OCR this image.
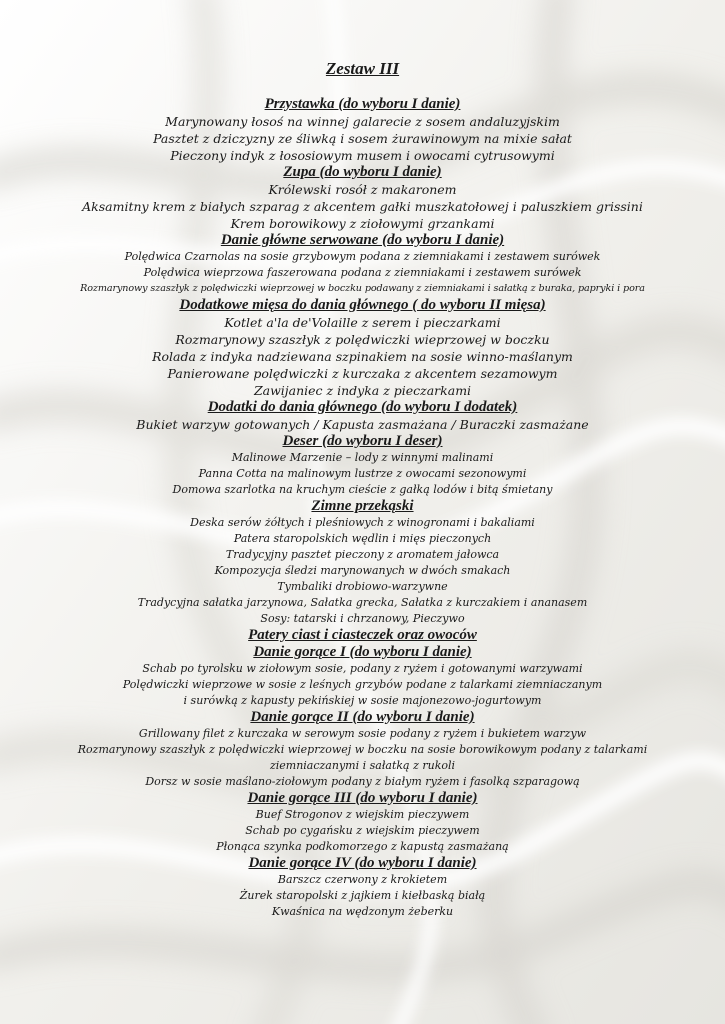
Zestaw III
Przystawka (do wyboru I danie)
Marynowany łosoś na winnej galarecie z sosem andaluzyjskim
Pasztet z dziczyzny ze śliwką i sosem żurawinowym na mixie sałat
Pieczony indyk z łososiowym musem i owocami cytrusowymi
Zupa (do wyboru I danie)
Królewski rosół z makaronem
Aksamitny krem z białych szparag z akcentem gałki muszkatołowej i paluszkiem grissini
Krem borowikowy z ziołowymi grzankami
Danie główne serwowane (do wyboru I danie)
Polędwica Czarnolas na sosie grzybowym podana z ziemniakami i zestawem surówek
Polędwica wieprzowa faszerowana podana z ziemniakami i zestawem surówek
Rozmarynowy szaszłyk z polędwiczki wieprzowej w boczku podawany z ziemniakami i sałatką z buraka, papryki i pora
Dodatkowe mięsa do dania głównego ( do wyboru II mięsa)
Kotlet a'la de'Volaille z serem i pieczarkami
Rozmarynowy szaszłyk z polędwiczki wieprzowej w boczku
Rolada z indyka nadziewana szpinakiem na sosie winno-maślanym
Panierowane polędwiczki z kurczaka z akcentem sezamowym
Zawijaniec z indyka z pieczarkami
Dodatki do dania głównego (do wyboru I dodatek)
Bukiet warzyw gotowanych / Kapusta zasmażana / Buraczki zasmażane
Deser (do wyboru I deser)
Malinowe Marzenie – lody z winnymi malinami
Panna Cotta na malinowym lustrze z owocami sezonowymi
Domowa szarlotka na kruchym cieście z gałką lodów i bitą śmietany
Zimne przekąski
Deska serów żółtych i pleśniowych z winogronami i bakaliami
Patera staropolskich wędlin i mięs pieczonych
Tradycyjny pasztet pieczony z aromatem jałowca
Kompozycja śledzi marynowanych w dwóch smakach
Tymbaliki drobiowo-warzywne
Tradycyjna sałatka jarzynowa, Sałatka grecka, Sałatka z kurczakiem i ananasem
Sosy: tatarski i chrzanowy, Pieczywo
Patery ciast i ciasteczek oraz owoców
Danie gorące I (do wyboru I danie)
Schab po tyrolsku w ziołowym sosie, podany z ryżem i gotowanymi warzywami
Polędwiczki wieprzowe w sosie z leśnych grzybów podane z talarkami ziemniaczanym
i surówką z kapusty pekińskiej w sosie majonezowo-jogurtowym
Danie gorące II (do wyboru I danie)
Grillowany filet z kurczaka w serowym sosie podany z ryżem i bukietem warzyw
Rozmarynowy szaszłyk z polędwiczki wieprzowej w boczku na sosie borowikowym podany z talarkami
ziemniaczanymi i sałatką z rukoli
Dorsz w sosie maślano-ziołowym podany z białym ryżem i fasolką szparagową
Danie gorące III (do wyboru I danie)
Buef Strogonov z wiejskim pieczywem
Schab po cygańsku z wiejskim pieczywem
Płonąca szynka podkomorzego z kapustą zasmażaną
Danie gorące IV (do wyboru I danie)
Barszcz czerwony z krokietem
Żurek staropolski z jajkiem i kiełbaską białą
Kwaśnica na wędzonym żeberku
